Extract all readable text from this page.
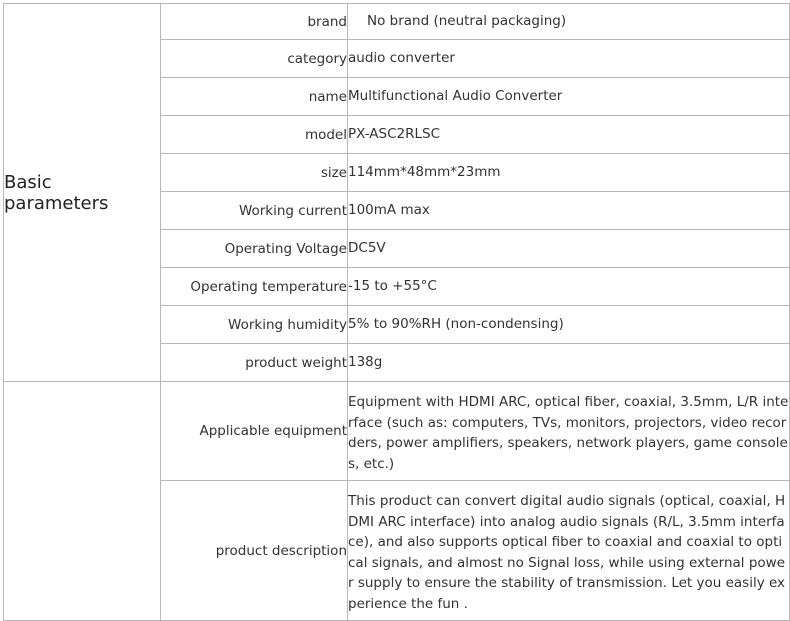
Basic parameters	brand	No brand (neutral packaging)
	category	audio converter
	name	Multifunctional Audio Converter
	model	PX-ASC2RLSC
	size	114mm*48mm*23mm
	Working current	100mA max
	Operating Voltage	DC5V
	Operating temperature	-15 to +55°C
	Working humidity	5% to 90%RH (non-condensing)
	product weight	138g
	Applicable equipment	Equipment with HDMI ARC, optical fiber, coaxial, 3.5mm, L/R interface (such as: computers, TVs, monitors, projectors, video recorders, power amplifiers, speakers, network players, game consoles, etc.)
	product description	This product can convert digital audio signals (optical, coaxial, HDMI ARC interface) into analog audio signals (R/L, 3.5mm interface), and also supports optical fiber to coaxial and coaxial to optical signals, and almost no Signal loss, while using external power supply to ensure the stability of transmission. Let you easily experience the fun .
